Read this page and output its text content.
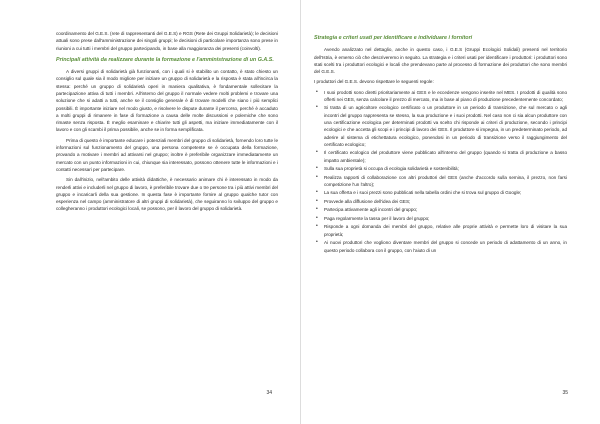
coordinamento del G.E.S. (rete di rappresentanti del G.E.S) e RGS (Rete dei Gruppi Solidarietà); le decisioni attuali sono prese dall'amministrazione dei singoli gruppi; le decisioni di particolare importanza sono prese in riunioni a cui tutti i membri del gruppo partecipando, in base alla maggioranza dei presenti (coinvolti).

Principali attività da realizzare durante la formazione e l'amministrazione di un G.A.S.

A diversi gruppi di solidarietà già funzionanti, con i quali si è stabilito un contatto, è stato chiesto un consiglio sul quale sia il modo migliore per iniziare un gruppo di solidarietà e la risposta è stata all'incirca la stessa: perché un gruppo di solidarietà operi in maniera qualitativa, è fondamentale sollecitare la partecipazione attiva di tutti i membri. All'interno del gruppo il normale vedere molti problemi e trovare una soluzione che si adatti a tutti, anche se il consiglio generale è di trovare modelli che siano i più semplici possibili. È importante iniziare nel modo giusto, e risolvere le dispute durante il percorso, perché è accaduto a molti gruppi di rimanere in fase di formazione a causa delle molte discussioni e polemiche che sono rimaste senza risposta. È meglio esaminare e chiarire tutti gli aspetti, ma iniziare immediatamente con il lavoro e con gli scambi il prima possibile, anche se in forma semplificata.

Prima di questo è importante educare i potenziali membri del gruppo di solidarietà, fornendo loro tutte le informazioni sul funzionamento del gruppo, una persona competente se è occupata della formazione, provando a motivare i membri ad attivarsi nel gruppo; inoltre è preferibile organizzare immediatamente un mercato con un punto informazioni in cui, chiunque sia interessato, possono ottenere tutte le informazioni e i contatti necessari per partecipare.

Sin dall'inizio, nell'ambito delle attività didattiche, è necessario animare chi è interessato in modo da renderli attivi e includerli nel gruppo di lavoro, è preferibile trovare due o tre persone tra i più attivi membri del gruppo e incaricarli della sua gestione. In questa fase è importante fornire al gruppo qualche tutor con esperienza nel campo (amministratore di altri gruppi di solidarietà), che seguiranno lo sviluppo del gruppo e collegheranno i produttori ecologici locali, se possono, per il lavoro del gruppo di solidarietà.

34
Strategia e criteri usati per identificare e individuare i fornitori

Avendo analizzato nel dettaglio, anche in questo caso, i G.E.S (Gruppi Ecologici Solidali) presenti nel territorio dell'Istria, è emerso ciò che descriveremo in seguito. La strategia e i criteri usati per identificare i produttori: i produttori sono stati scelti tra i produttori ecologici e locali che prendevano parte al processo di formazione dei produttori che sono membri del G.E.S.

I produttori del G.E.S. devono rispettare le seguenti regole:

• I suoi prodotti sono diretti prioritariamente ai GES e le eccedenze vengono inserite nel MES. I prodotti di qualità sono offerti nei GES, senza calcolare il prezzo di mercato, ma in base al piano di produzione precedentemente concordato;
• Si tratta di un agricoltore ecologico certificato o un produttore in un periodo di transizione, che sul mercato o agli incontri del gruppo rappresenta se stesso, la sua produzione e i suoi prodotti. Nel caso non ci sia alcun produttore con una certificazione ecologica per determinati prodotti va scelto chi risponde ai criteri di produzione, secondo i principi ecologici e che accetta gli scopi e i principi di lavoro dei GES. Il produttore si impegna, in un predeterminato periodo, ad aderire al sistema di etichettatura ecologico, ponendosi in un periodo di transizione verso il raggiungimento del certificato ecologico;
• Il certificato ecologico del produttore viene pubblicato all'interno del gruppo (quando si tratta di produzione a basso impatto ambientale);
• Sulla sua proprietà si occupa di ecologia solidarietà e sostenibilità;
• Realizza rapporti di collaborazione con altri produttori del GES (anche d'accordo sulla semina, il prezzo, non farsi competizione l'un l'altro);
• La sua offerta e i suoi prezzi sono pubblicati nella tabella ordini che si trova sul gruppo di Google;
• Provvede alla diffusione dell'idea dei GES;
• Partecipa attivamente agli incontri del gruppo;
• Paga regolarmente la tassa per il lavoro del gruppo;
• Risponde a ogni domanda dei membri del gruppo, relative alle proprie attività e permette loro di visitare la sua proprietà;
• Ai nuovi produttori che vogliono diventare membri del gruppo si concede un periodo di adattamento di un anno, in questo periodo collabora con il gruppo, con l'aiuto di un
35
